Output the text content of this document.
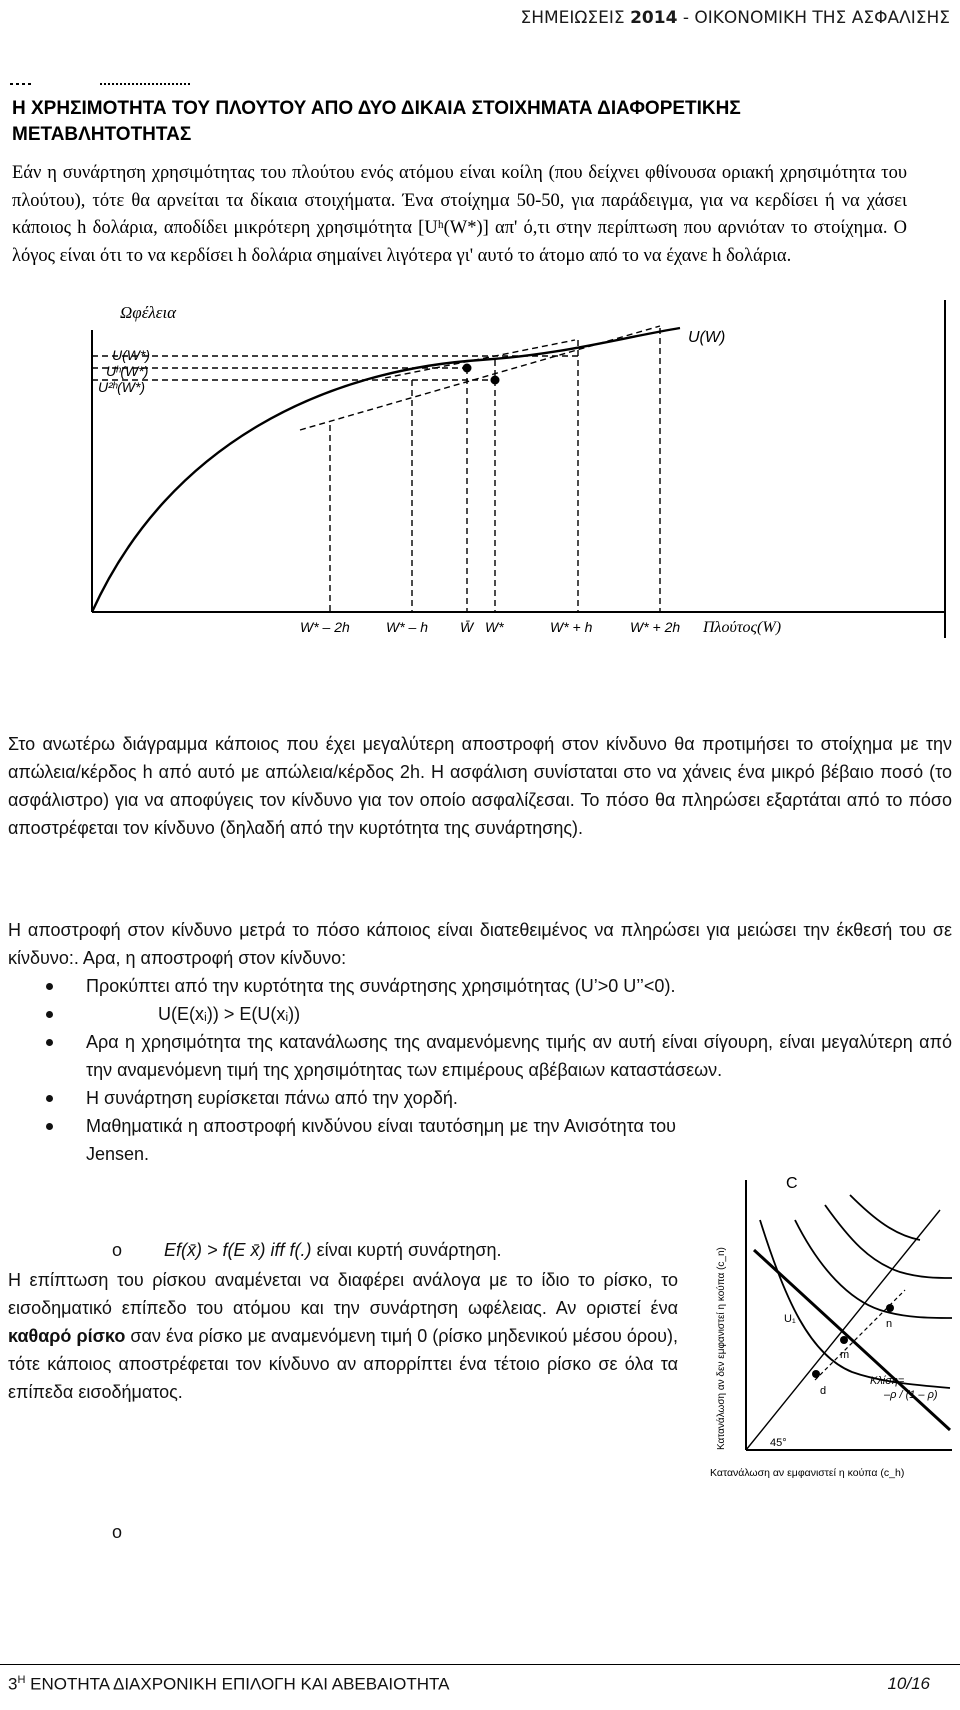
ΣΗΜΕΙΩΣΕΙΣ 2014 - ΟΙΚΟΝΟΜΙΚΗ ΤΗΣ ΑΣΦΑΛΙΣΗΣ
Η ΧΡΗΣΙΜΟΤΗΤΑ ΤΟΥ ΠΛΟΥΤΟΥ ΑΠΟ ΔΥΟ ΔΙΚΑΙΑ ΣΤΟΙΧΗΜΑΤΑ ΔΙΑΦΟΡΕΤΙΚΗΣ
ΜΕΤΑΒΛΗΤΟΤΗΤΑΣ
Εάν η συνάρτηση χρησιμότητας του πλούτου ενός ατόμου είναι κοίλη (που δείχνει φθίνουσα οριακή χρησιμότητα του πλούτου), τότε θα αρνείται τα δίκαια στοιχήματα. Ένα στοίχημα 50-50, για παράδειγμα, για να κερδίσει ή να χάσει κάποιος h δολάρια, αποδίδει μικρότερη χρησιμότητα [Uʰ(W*)] απ' ό,τι στην περίπτωση που αρνιόταν το στοίχημα. Ο λόγος είναι ότι το να κερδίσει h δολάρια σημαίνει λιγότερα γι' αυτό το άτομο από το να έχανε h δολάρια.
Ωφέλεια
U(W)
U(W*)
Uʰ(W*)
U²ʰ(W*)
W* – 2h	W* – h W̄ W*	W* + h	W* + 2h Πλούτος(W)
Στο ανωτέρω διάγραμμα κάποιος που έχει μεγαλύτερη αποστροφή στον κίνδυνο θα προτιμήσει το στοίχημα με την απώλεια/κέρδος h από αυτό με απώλεια/κέρδος 2h. Η ασφάλιση συνίσταται στο να χάνεις ένα μικρό βέβαιο ποσό (το ασφάλιστρο) για να αποφύγεις τον κίνδυνο για τον οποίο ασφαλίζεσαι. Το πόσο θα πληρώσει εξαρτάται από το πόσο αποστρέφεται τον κίνδυνο (δηλαδή από την κυρτότητα της συνάρτησης).
Η αποστροφή στον κίνδυνο μετρά το πόσο κάποιος είναι διατεθειμένος να πληρώσει για μειώσει την έκθεσή του σε κίνδυνο:. Αρα, η αποστροφή στον κίνδυνο:
Προκύπτει από την κυρτότητα της συνάρτησης χρησιμότητας (U’>0 U’’<0).
U(E(xᵢ)) > E(U(xᵢ))
Αρα η χρησιμότητα της κατανάλωσης της αναμενόμενης τιμής αν αυτή είναι σίγουρη, είναι μεγαλύτερη από την αναμενόμενη τιμή της χρησιμότητας των επιμέρους αβέβαιων καταστάσεων.
Η συνάρτηση ευρίσκεται πάνω από την χορδή.
Μαθηματικά η αποστροφή κινδύνου είναι ταυτόσημη με την Ανισότητα του Jensen.
o Ef(x̄) > f(E x̄) iff f(.) είναι κυρτή συνάρτηση.
Η επίπτωση του ρίσκου αναμένεται να διαφέρει ανάλογα με το ίδιο το ρίσκο, το εισοδηματικό επίπεδο του ατόμου και την συνάρτηση ωφέλειας. Αν οριστεί ένα καθαρό ρίσκο σαν ένα ρίσκο με αναμενόμενη τιμή 0 (ρίσκο μηδενικού μέσου όρου), τότε κάποιος αποστρέφεται τον κίνδυνο αν απορρίπτει ένα τέτοιο ρίσκο σε όλα τα επίπεδα εισοδήματος.
C
n
m
d
U₁
Κλίση=
–ρ / (1 – ρ)
45°
Κατανάλωση αν δεν εμφανιστεί η κούπα (c_n)
Κατανάλωση αν εμφανιστεί η κούπα (c_h)
o
$3^H$ ΕΝΟΤΗΤΑ ΔΙΑΧΡΟΝΙΚΗ ΕΠΙΛΟΓΗ ΚΑΙ ΑΒΕΒΑΙΟΤΗΤΑ	10/16
